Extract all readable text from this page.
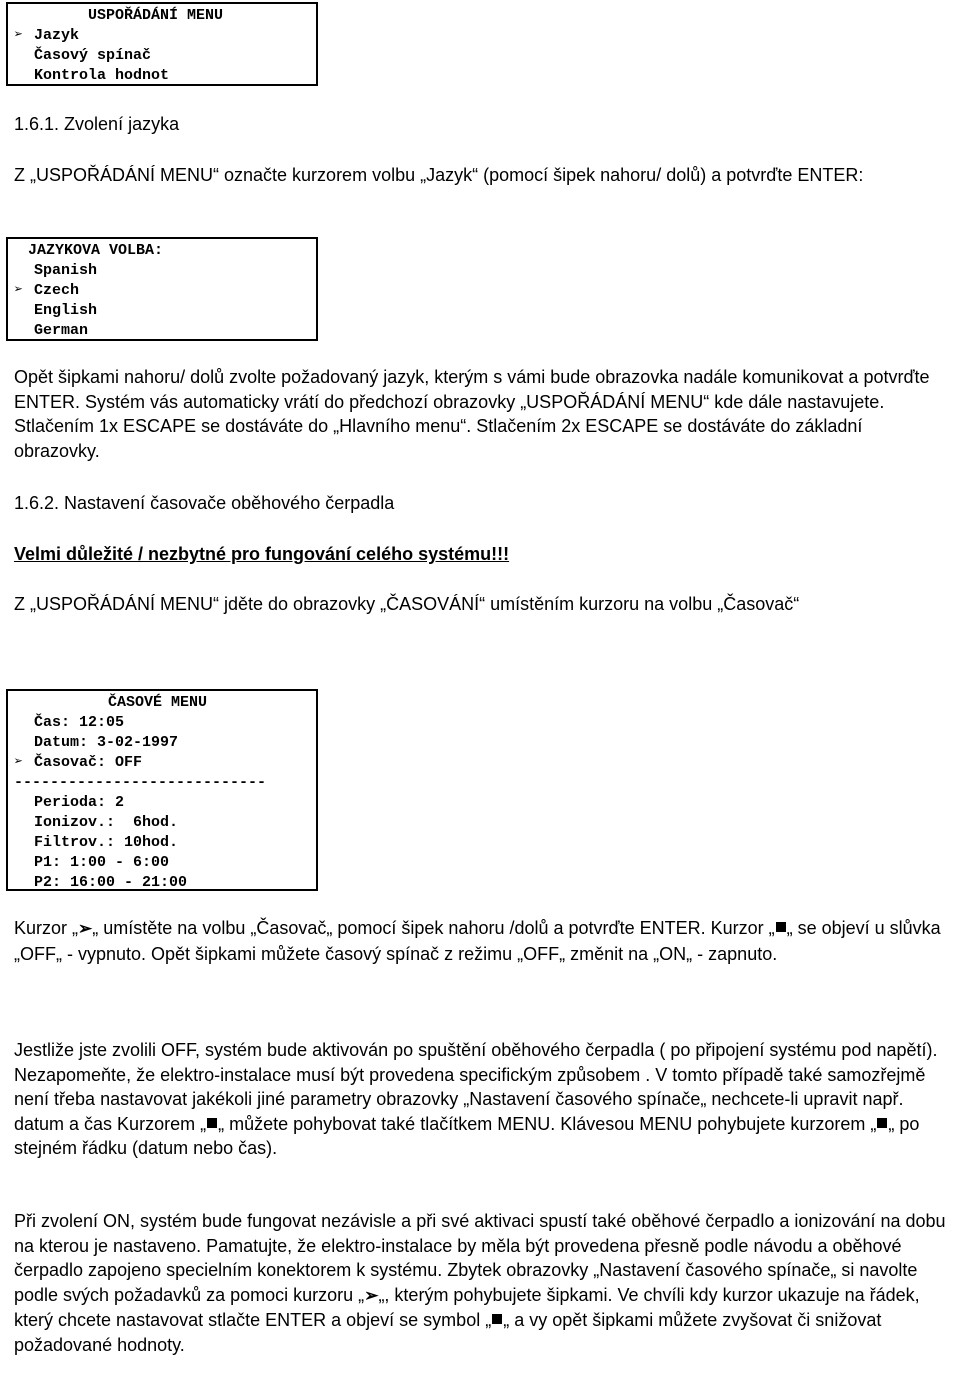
USPOŘÁDÁNÍ MENU
➢ Jazyk
Časový spínač
Kontrola hodnot
1.6.1. Zvolení jazyka
Z „USPOŘÁDÁNÍ MENU“ označte kurzorem volbu „Jazyk“ (pomocí šipek nahoru/ dolů) a potvrďte ENTER:
JAZYKOVA VOLBA:
Spanish
➢ Czech
English
German
Opět šipkami nahoru/ dolů zvolte požadovaný jazyk, kterým s vámi bude obrazovka nadále komunikovat a potvrďte ENTER. Systém vás automaticky vrátí do předchozí obrazovky „USPOŘÁDÁNÍ MENU“ kde dále nastavujete. Stlačením 1x ESCAPE se dostáváte do „Hlavního menu“. Stlačením 2x ESCAPE se dostáváte do základní obrazovky.
1.6.2. Nastavení časovače oběhového čerpadla
Velmi důležité / nezbytné pro fungování celého systému!!!
Z „USPOŘÁDÁNÍ MENU“ jděte do obrazovky „ČASOVÁNÍ“ umístěním kurzoru na volbu „Časovač“
ČASOVÉ MENU
Čas: 12:05
Datum: 3-02-1997
➢ Časovač: OFF
----------------------------
Perioda: 2
Ionizov.:  6hod.
Filtrov.: 10hod.
P1: 1:00 - 6:00
P2: 16:00 - 21:00
Kurzor „➢„ umístěte na volbu „Časovač„ pomocí šipek nahoru /dolů a potvrďte ENTER. Kurzor „ „ se objeví u slůvka „OFF„ - vypnuto. Opět šipkami můžete časový spínač z režimu „OFF„ změnit na „ON„ - zapnuto.
Jestliže jste zvolili OFF, systém bude aktivován po spuštění oběhového čerpadla ( po připojení systému pod napětí). Nezapomeňte, že elektro-instalace musí být provedena specifickým způsobem . V tomto případě také samozřejmě není třeba nastavovat jakékoli jiné parametry obrazovky „Nastavení časového spínače„ nechcete-li upravit např. datum a čas Kurzorem „ „ můžete pohybovat také tlačítkem MENU. Klávesou MENU pohybujete kurzorem „ „ po stejném řádku (datum nebo čas).
Při zvolení ON, systém bude fungovat nezávisle a při své aktivaci spustí také oběhové čerpadlo a ionizování na dobu na kterou je nastaveno. Pamatujte, že elektro-instalace by měla být provedena přesně podle návodu a oběhové čerpadlo zapojeno specielním konektorem k systému. Zbytek obrazovky „Nastavení časového spínače„ si navolte podle svých požadavků za pomoci kurzoru „➢„, kterým pohybujete šipkami. Ve chvíli kdy kurzor ukazuje na řádek, který chcete nastavovat stlačte ENTER a objeví se symbol „ „ a vy opět šipkami můžete zvyšovat či snižovat požadované hodnoty.
